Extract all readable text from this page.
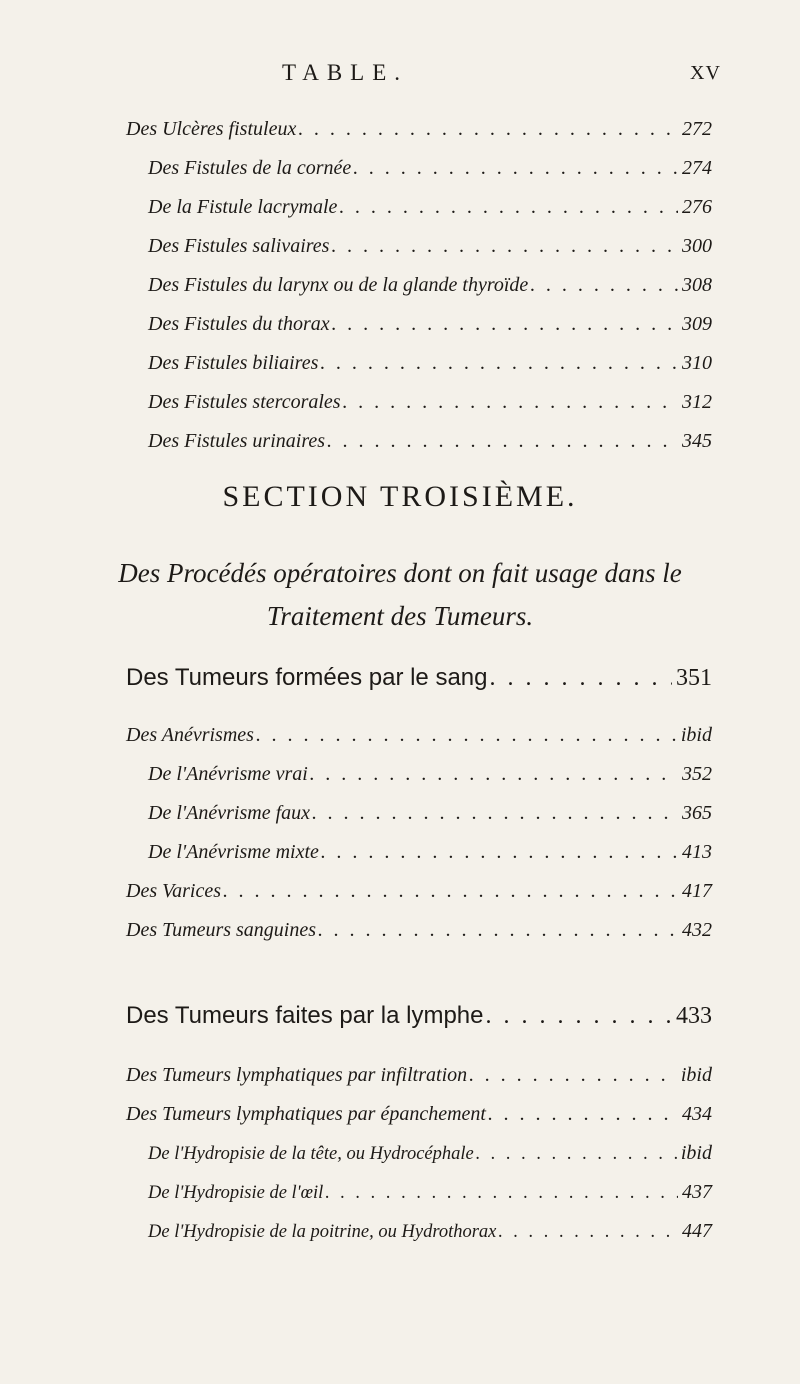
TABLE.	XV
Des Ulcères fistuleux . . .	272
Des Fistules de la cornée . . .	274
De la Fistule lacrymale . . .	276
Des Fistules salivaires . . .	300
Des Fistules du larynx ou de la glande thyroïde . . .	308
Des Fistules du thorax . . .	309
Des Fistules biliaires . . .	310
Des Fistules stercorales . . .	312
Des Fistules urinaires . . .	345
SECTION TROISIÈME.
Des Procédés opératoires dont on fait usage dans le
Traitement des Tumeurs.
Des Tumeurs formées par le sang . . .	351
Des Anévrismes . . .	ibid
De l'Anévrisme vrai . . .	352
De l'Anévrisme faux . . .	365
De l'Anévrisme mixte . . .	413
Des Varices . . .	417
Des Tumeurs sanguines . . .	432
Des Tumeurs faites par la lymphe . . .	433
Des Tumeurs lymphatiques par infiltration . . .	ibid
Des Tumeurs lymphatiques par épanchement . . .	434
De l'Hydropisie de la tête, ou Hydrocéphale . . .	ibid
De l'Hydropisie de l'œil . . .	437
De l'Hydropisie de la poitrine, ou Hydrothorax . . .	447
